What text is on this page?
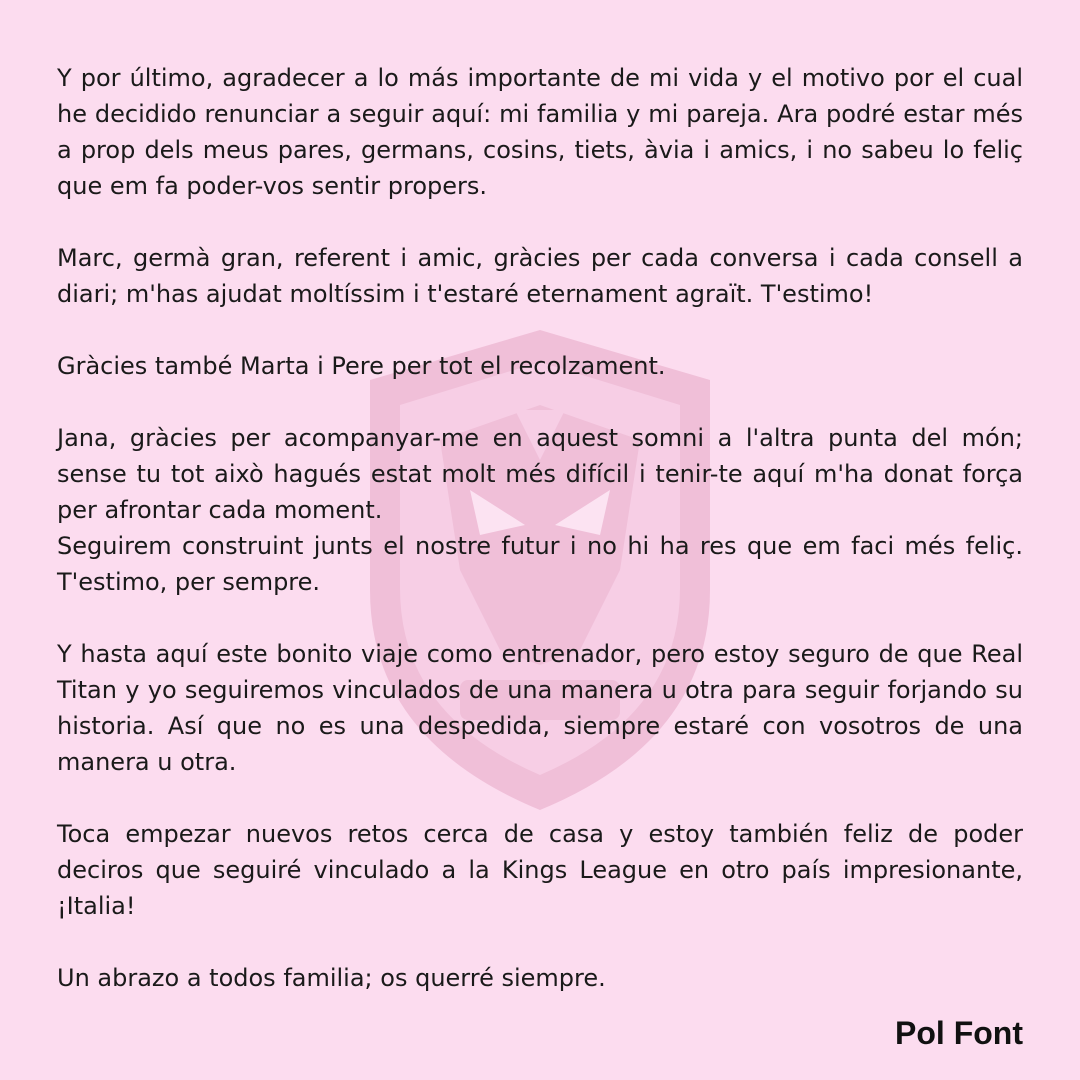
Y por último, agradecer a lo más importante de mi vida y el motivo por el cual he decidido renunciar a seguir aquí: mi familia y mi pareja. Ara podré estar més a prop dels meus pares, germans, cosins, tiets, àvia i amics, i no sabeu lo feliç que em fa poder-vos sentir propers.

Marc, germà gran, referent i amic, gràcies per cada conversa i cada consell a diari; m'has ajudat moltíssim i t'estaré eternament agraït. T'estimo!

Gràcies també Marta i Pere per tot el recolzament.

Jana, gràcies per acompanyar-me en aquest somni a l'altra punta del món; sense tu tot això hagués estat molt més difícil i tenir-te aquí m'ha donat força per afrontar cada moment.

Seguirem construint junts el nostre futur i no hi ha res que em faci més feliç. T'estimo, per sempre.

Y hasta aquí este bonito viaje como entrenador, pero estoy seguro de que Real Titan y yo seguiremos vinculados de una manera u otra para seguir forjando su historia. Así que no es una despedida, siempre estaré con vosotros de una manera u otra.

Toca empezar nuevos retos cerca de casa y estoy también feliz de poder deciros que seguiré vinculado a la Kings League en otro país impresionante, ¡Italia!

Un abrazo a todos familia; os querré siempre.

Pol Font
